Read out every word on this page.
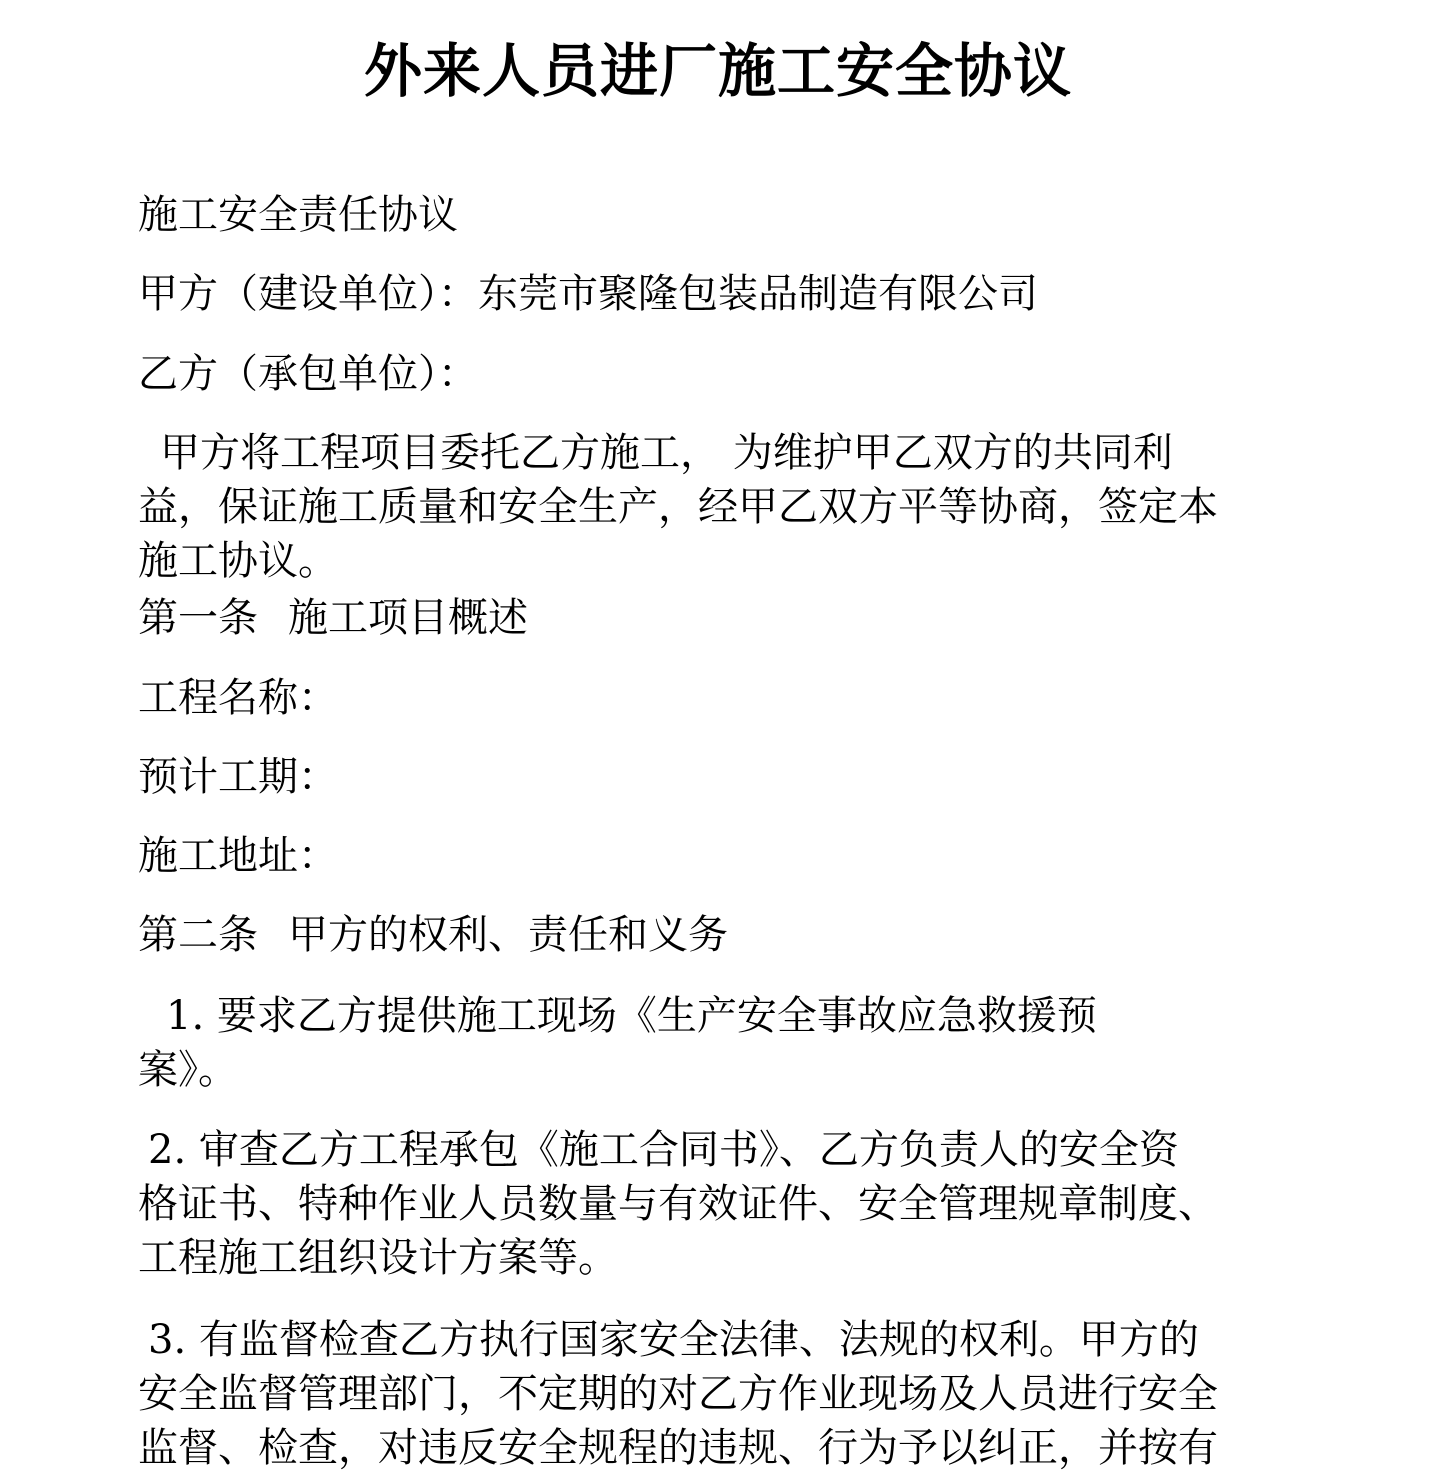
外来人员进厂施工安全协议

施工安全责任协议

甲方（建设单位）：东莞市聚隆包装品制造有限公司

乙方（承包单位）：

甲方将工程项目委托乙方施工， 为维护甲乙双方的共同利
益，保证施工质量和安全生产，经甲乙双方平等协商，签定本
施工协议。

第一条 施工项目概述

工程名称：

预计工期：

施工地址：

第二条 甲方的权利、责任和义务

1. 要求乙方提供施工现场《生产安全事故应急救援预
案》。
2. 审查乙方工程承包《施工合同书》、乙方负责人的安全资
格证书、特种作业人员数量与有效证件、安全管理规章制度、
工程施工组织设计方案等。
3. 有监督检查乙方执行国家安全法律、法规的权利。甲方的
安全监督管理部门，不定期的对乙方作业现场及人员进行安全
监督、检查，对违反安全规程的违规、行为予以纠正，并按有
